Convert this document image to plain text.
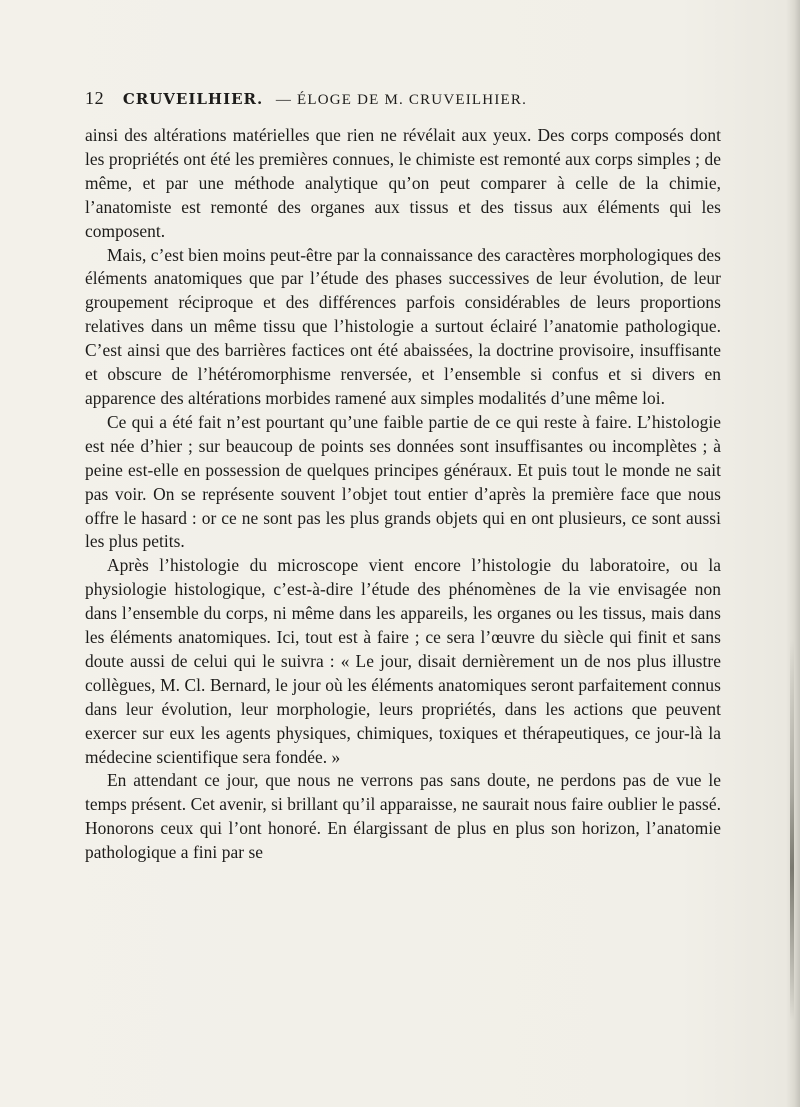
12 CRUVEILHIER. — ÉLOGE DE M. CRUVEILHIER.

ainsi des altérations matérielles que rien ne révélait aux yeux. Des corps composés dont les propriétés ont été les premières connues, le chimiste est remonté aux corps simples ; de même, et par une méthode analytique qu’on peut comparer à celle de la chimie, l’anatomiste est remonté des organes aux tissus et des tissus aux éléments qui les composent.

Mais, c’est bien moins peut-être par la connaissance des caractères morphologiques des éléments anatomiques que par l’étude des phases successives de leur évolution, de leur groupement réciproque et des différences parfois considérables de leurs proportions relatives dans un même tissu que l’histologie a surtout éclairé l’anatomie pathologique. C’est ainsi que des barrières factices ont été abaissées, la doctrine provisoire, insuffisante et obscure de l’hétéromorphisme renversée, et l’ensemble si confus et si divers en apparence des altérations morbides ramené aux simples modalités d’une même loi.

Ce qui a été fait n’est pourtant qu’une faible partie de ce qui reste à faire. L’histologie est née d’hier ; sur beaucoup de points ses données sont insuffisantes ou incomplètes ; à peine est-elle en possession de quelques principes généraux. Et puis tout le monde ne sait pas voir. On se représente souvent l’objet tout entier d’après la première face que nous offre le hasard : or ce ne sont pas les plus grands objets qui en ont plusieurs, ce sont aussi les plus petits.

Après l’histologie du microscope vient encore l’histologie du laboratoire, ou la physiologie histologique, c’est-à-dire l’étude des phénomènes de la vie envisagée non dans l’ensemble du corps, ni même dans les appareils, les organes ou les tissus, mais dans les éléments anatomiques. Ici, tout est à faire ; ce sera l’œuvre du siècle qui finit et sans doute aussi de celui qui le suivra : « Le jour, disait dernièrement un de nos plus illustre collègues, M. Cl. Bernard, le jour où les éléments anatomiques seront parfaitement connus dans leur évolution, leur morphologie, leurs propriétés, dans les actions que peuvent exercer sur eux les agents physiques, chimiques, toxiques et thérapeutiques, ce jour-là la médecine scientifique sera fondée. »

En attendant ce jour, que nous ne verrons pas sans doute, ne perdons pas de vue le temps présent. Cet avenir, si brillant qu’il apparaisse, ne saurait nous faire oublier le passé. Honorons ceux qui l’ont honoré. En élargissant de plus en plus son horizon, l’anatomie pathologique a fini par se
